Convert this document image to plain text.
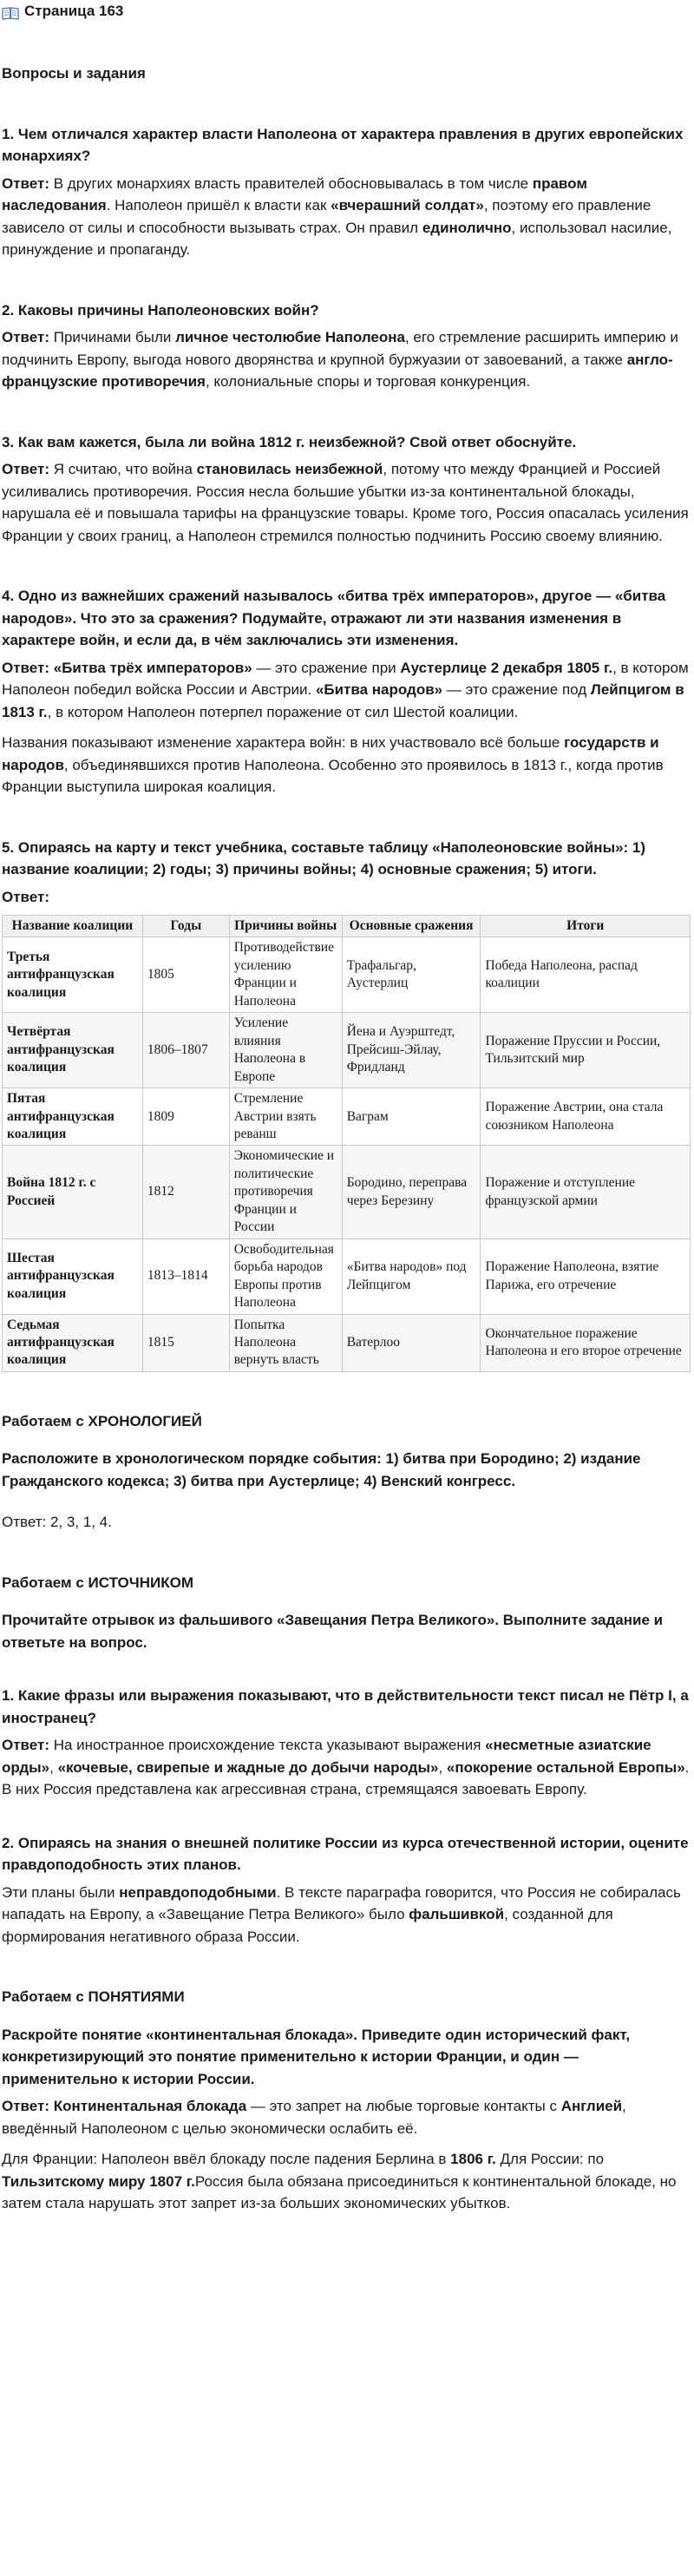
Страница 163
Вопросы и задания
1. Чем отличался характер власти Наполеона от характера правления в других европейских монархиях?
Ответ: В других монархиях власть правителей обосновывалась в том числе правом наследования. Наполеон пришёл к власти как «вчерашний солдат», поэтому его правление зависело от силы и способности вызывать страх. Он правил единолично, использовал насилие, принуждение и пропаганду.
2. Каковы причины Наполеоновских войн?
Ответ: Причинами были личное честолюбие Наполеона, его стремление расширить империю и подчинить Европу, выгода нового дворянства и крупной буржуазии от завоеваний, а также англо-французские противоречия, колониальные споры и торговая конкуренция.
3. Как вам кажется, была ли война 1812 г. неизбежной? Свой ответ обоснуйте.
Ответ: Я считаю, что война становилась неизбежной, потому что между Францией и Россией усиливались противоречия. Россия несла большие убытки из-за континентальной блокады, нарушала её и повышала тарифы на французские товары. Кроме того, Россия опасалась усиления Франции у своих границ, а Наполеон стремился полностью подчинить Россию своему влиянию.
4. Одно из важнейших сражений называлось «битва трёх императоров», другое — «битва народов». Что это за сражения? Подумайте, отражают ли эти названия изменения в характере войн, и если да, в чём заключались эти изменения.
Ответ: «Битва трёх императоров» — это сражение при Аустерлице 2 декабря 1805 г., в котором Наполеон победил войска России и Австрии. «Битва народов» — это сражение под Лейпцигом в 1813 г., в котором Наполеон потерпел поражение от сил Шестой коалиции.
Названия показывают изменение характера войн: в них участвовало всё больше государств и народов, объединявшихся против Наполеона. Особенно это проявилось в 1813 г., когда против Франции выступила широкая коалиция.
5. Опираясь на карту и текст учебника, составьте таблицу «Наполеоновские войны»: 1) название коалиции; 2) годы; 3) причины войны; 4) основные сражения; 5) итоги.
Ответ:
Название коалиции	Годы	Причины войны	Основные сражения	Итоги
Третья антифранцузская коалиция	1805	Противодействие усилению Франции и Наполеона	Трафальгар, Аустерлиц	Победа Наполеона, распад коалиции
Четвёртая антифранцузская коалиция	1806–1807	Усиление влияния Наполеона в Европе	Йена и Ауэрштедт, Прейсиш-Эйлау, Фридланд	Поражение Пруссии и России, Тильзитский мир
Пятая антифранцузская коалиция	1809	Стремление Австрии взять реванш	Ваграм	Поражение Австрии, она стала союзником Наполеона
Война 1812 г. с Россией	1812	Экономические и политические противоречия Франции и России	Бородино, переправа через Березину	Поражение и отступление французской армии
Шестая антифранцузская коалиция	1813–1814	Освободительная борьба народов Европы против Наполеона	«Битва народов» под Лейпцигом	Поражение Наполеона, взятие Парижа, его отречение
Седьмая антифранцузская коалиция	1815	Попытка Наполеона вернуть власть	Ватерлоо	Окончательное поражение Наполеона и его второе отречение
Работаем с ХРОНОЛОГИЕЙ
Расположите в хронологическом порядке события: 1) битва при Бородино; 2) издание Гражданского кодекса; 3) битва при Аустерлице; 4) Венский конгресс.
Ответ: 2, 3, 1, 4.
Работаем с ИСТОЧНИКОМ
Прочитайте отрывок из фальшивого «Завещания Петра Великого». Выполните задание и ответьте на вопрос.
1. Какие фразы или выражения показывают, что в действительности текст писал не Пётр I, а иностранец?
Ответ: На иностранное происхождение текста указывают выражения «несметные азиатские орды», «кочевые, свирепые и жадные до добычи народы», «покорение остальной Европы». В них Россия представлена как агрессивная страна, стремящаяся завоевать Европу.
2. Опираясь на знания о внешней политике России из курса отечественной истории, оцените правдоподобность этих планов.
Эти планы были неправдоподобными. В тексте параграфа говорится, что Россия не собиралась нападать на Европу, а «Завещание Петра Великого» было фальшивкой, созданной для формирования негативного образа России.
Работаем с ПОНЯТИЯМИ
Раскройте понятие «континентальная блокада». Приведите один исторический факт, конкретизирующий это понятие применительно к истории Франции, и один — применительно к истории России.
Ответ: Континентальная блокада — это запрет на любые торговые контакты с Англией, введённый Наполеоном с целью экономически ослабить её.
Для Франции: Наполеон ввёл блокаду после падения Берлина в 1806 г. Для России: по Тильзитскому миру 1807 г.Россия была обязана присоединиться к континентальной блокаде, но затем стала нарушать этот запрет из-за больших экономических убытков.
